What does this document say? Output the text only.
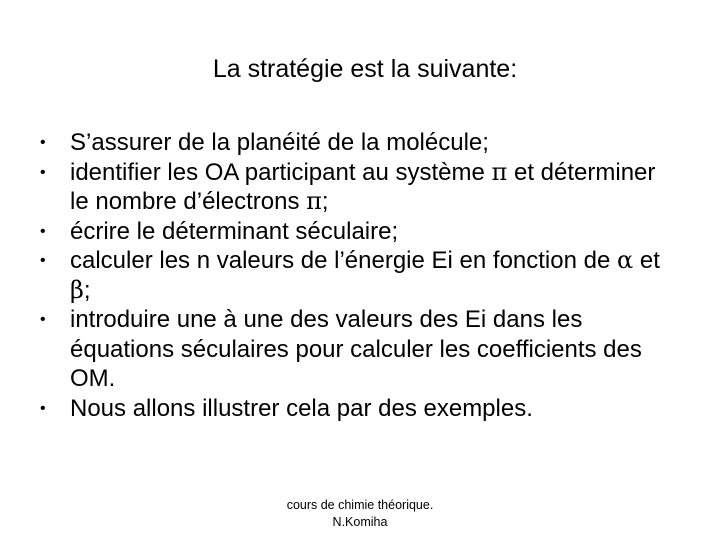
La stratégie est la suivante:
•	S’assurer de la planéité de la molécule;
•	identifier les OA participant au système π et déterminer le nombre d’électrons π;
•	écrire le déterminant séculaire;
•	calculer les n valeurs de l’énergie Ei en fonction de α et β;
•	introduire une à une des valeurs des Ei dans les équations séculaires pour calculer les coefficients des OM.
•	Nous allons illustrer cela par des exemples.
cours de chimie théorique.
N.Komiha
